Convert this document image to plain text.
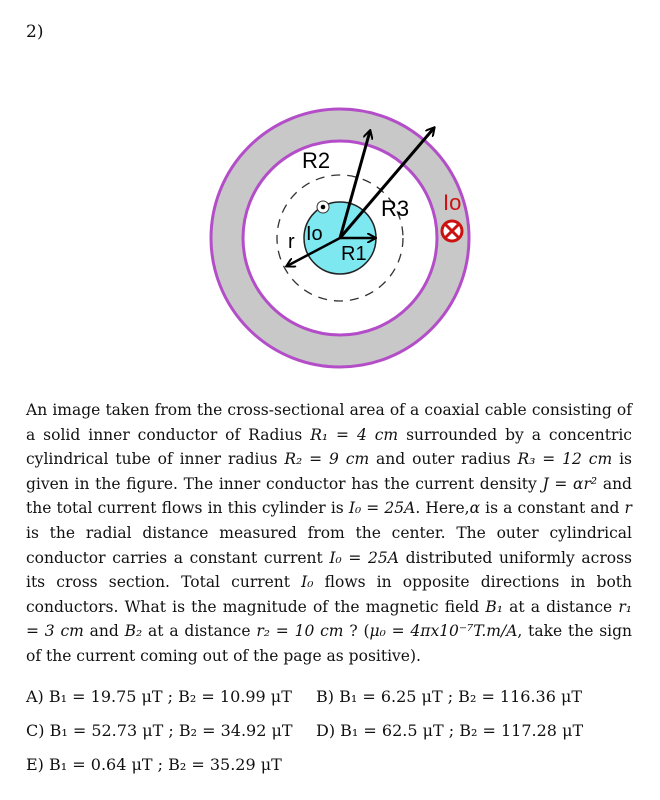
2)
R2
R3
R1
Io
r
Io
An image taken from the cross-sectional area of a coaxial cable consisting of a solid inner conductor of Radius R₁ = 4 cm surrounded by a concentric cylindrical tube of inner radius R₂ = 9 cm and outer radius R₃ = 12 cm is given in the figure. The inner conductor has the current density J = αr² and the total current flows in this cylinder is I₀ = 25A. Here,α is a constant and r is the radial distance measured from the center. The outer cylindrical conductor carries a constant current I₀ = 25A distributed uniformly across its cross section. Total current I₀ flows in opposite directions in both conductors. What is the magnitude of the magnetic field B₁ at a distance r₁ = 3 cm and B₂ at a distance r₂ = 10 cm ? (μ₀ = 4πx10⁻⁷T.m/A, take the sign of the current coming out of the page as positive).
A) B₁ = 19.75 μT ; B₂ = 10.99 μT B) B₁ = 6.25 μT ; B₂ = 116.36 μT
C) B₁ = 52.73 μT ; B₂ = 34.92 μT D) B₁ = 62.5 μT ; B₂ = 117.28 μT
E) B₁ = 0.64 μT ; B₂ = 35.29 μT
